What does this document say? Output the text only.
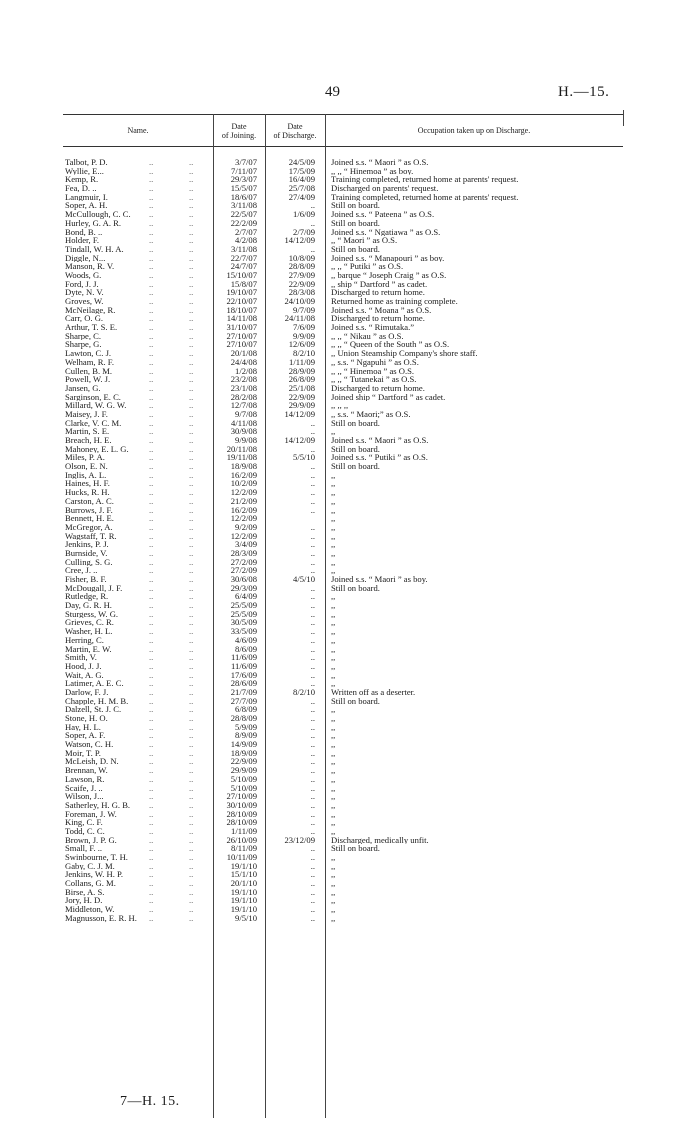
49	H.—15.
Name.	Date
of Joining.
Date
of Discharge.
Occupation taken up on Discharge.
Talbot, P. D.	3/7/07	24/5/09 Joined s.s. “ Maori ” as O.S.
Wyllie, E...	7/11/07	17/5/09 ,, ,, “ Hinemoa ” as boy.
Kemp, R.	29/3/07	16/4/09 Training completed, returned home at parents' request.
Fea, D. ..	15/5/07	25/7/08 Discharged on parents' request.
Langmuir, I.	18/6/07	27/4/09 Training completed, returned home at parents' request.
Soper, A. H.	3/11/08	.. Still on board.
McCullough, C. C.	22/5/07	1/6/09 Joined s.s. “ Pateena ” as O.S.
Hurley, G. A. R.	22/2/09	.. Still on board.
Bond, B. ..	2/7/07	2/7/09 Joined s.s. “ Ngatiawa ” as O.S.
Holder, F.	4/2/08	14/12/09 ,, “ Maori ” as O.S.
Tindall, W. H. A.	3/11/08	.. Still on board.
Diggle, N...	22/7/07	10/8/09 Joined s.s. “ Manapouri ” as boy.
Manson, R. V.	24/7/07	28/8/09 ,, ,, “ Putiki ” as O.S.
Woods, G.	15/10/07	27/9/09 ,, barque “ Joseph Craig ” as O.S.
Ford, J. J.	15/8/07	22/9/09 ,, ship “ Dartford ” as cadet.
Dyte, N. V.	19/10/07	28/3/08 Discharged to return home.
Groves, W.	22/10/07	24/10/09 Returned home as training complete.
McNeilage, R.	18/10/07	9/7/09 Joined s.s. “ Moana ” as O.S.
Carr, O. G.	14/11/08	24/11/08 Discharged to return home.
Arthur, T. S. E.	31/10/07	7/6/09 Joined s.s. “ Rimutaka.”
Sharpe, C.	27/10/07	9/9/09 ,, ,, “ Nikau ” as O.S.
Sharpe, G.	27/10/07	12/6/09 ,, ,, “ Queen of the South ” as O.S.
Lawton, C. J.	20/1/08	8/2/10 ,, Union Steamship Company's shore staff.
Welham, R. F.	24/4/08	1/11/09 ,, s.s. “ Ngapuhi ” as O.S.
Cullen, B. M.	1/2/08	28/9/09 ,, ,, “ Hinemoa ” as O.S.
Powell, W. J.	23/2/08	26/8/09 ,, ,, “ Tutanekai ” as O.S.
Jansen, G.	23/1/08	25/1/08 Discharged to return home.
Sarginson, E. C.	28/2/08	22/9/09 Joined ship “ Dartford ” as cadet.
Millard, W. G. W.	12/7/08	29/9/09 ,, ,, ,,
Maisey, J. F.	9/7/08	14/12/09 ,, s.s. “ Maori;” as O.S.
Clarke, V. C. M.	4/11/08	.. Still on board.
Martin, S. E.	30/9/08	.. ,,
Breach, H. E.	9/9/08	14/12/09 Joined s.s. “ Maori ” as O.S.
Mahoney, E. L. G.	20/11/08	.. Still on board.
Miles, P. A.	19/11/08	5/5/10 Joined s.s. “ Putiki ” as O.S.
Olson, E. N.	18/9/08	.. Still on board.
Inglis, A. L.	16/2/09	.. ,,
Haines, H. F.	10/2/09	.. ,,
Hucks, R. H.	12/2/09	.. ,,
Carston, A. C.	21/2/09	.. ,,
Burrows, J. F.	16/2/09	.. ,,
Bennett, H. E.	12/2/09	,,
McGregor, A.	9/2/09	.. ,,
Wagstaff, T. R.	12/2/09	.. ,,
Jenkins, P. J.	3/4/09	.. ,,
Burnside, V.	28/3/09	.. ,,
Culling, S. G.	27/2/09	.. ,,
Cree, J. ..	27/2/09	.. ,,
Fisher, B. F.	30/6/08	4/5/10 Joined s.s. “ Maori ” as boy.
McDougall, J. F.	29/3/09	.. Still on board.
Rutledge, R.	6/4/09	.. ,,
Day, G. R. H.	25/5/09	.. ,,
Sturgess, W. G.	25/5/09	.. ,,
Grieves, C. R.	30/5/09	.. ,,
Washer, H. L.	33/5/09	.. ,,
Herring, C.	4/6/09	.. ,,
Martin, E. W.	8/6/09	.. ,,
Smith, V.	11/6/09	.. ,,
Hood, J. J.	11/6/09	.. ,,
Wait, A. G.	17/6/09	.. ,,
Latimer, A. E. C.	28/6/09	.. ,,
Darlow, F. J.	21/7/09	8/2/10 Written off as a deserter.
Chapple, H. M. B.	27/7/09	.. Still on board.
Dalzell, St. J. C.	6/8/09	.. ,,
Stone, H. O.	28/8/09	.. ,,
Hay, H. L.	5/9/09	.. ,,
Soper, A. F.	8/9/09	.. ,,
Watson, C. H.	14/9/09	.. ,,
Moir, T. P.	18/9/09	.. ,,
McLeish, D. N.	22/9/09	.. ,,
Brennan, W.	29/9/09	.. ,,
Lawson, R.	5/10/09	.. ,,
Scaife, J. ..	5/10/09	.. ,,
Wilson, J...	27/10/09	.. ,,
Satherley, H. G. B.	30/10/09	.. ,,
Foreman, J. W.	28/10/09	.. ,,
King, C. F.	28/10/09	.. ,,
Todd, C. C.	1/11/09	.. ,,
Brown, J. P. G.	26/10/09	23/12/09 Discharged, medically unfit.
Small, F. ..	8/11/09	.. Still on board.
Swinbourne, T. H.	10/11/09	.. ,,
Gaby, C. J. M.	19/1/10	.. ,,
Jenkins, W. H. P.	15/1/10	.. ,,
Collans, G. M.	20/1/10	.. ,,
Birse, A. S.	19/1/10	.. ,,
Jory, H. D.	19/1/10	.. ,,
Middleton, W.	19/1/10	.. ,,
Magnusson, E. R. H.	9/5/10	.. ,,
7—H. 15.
